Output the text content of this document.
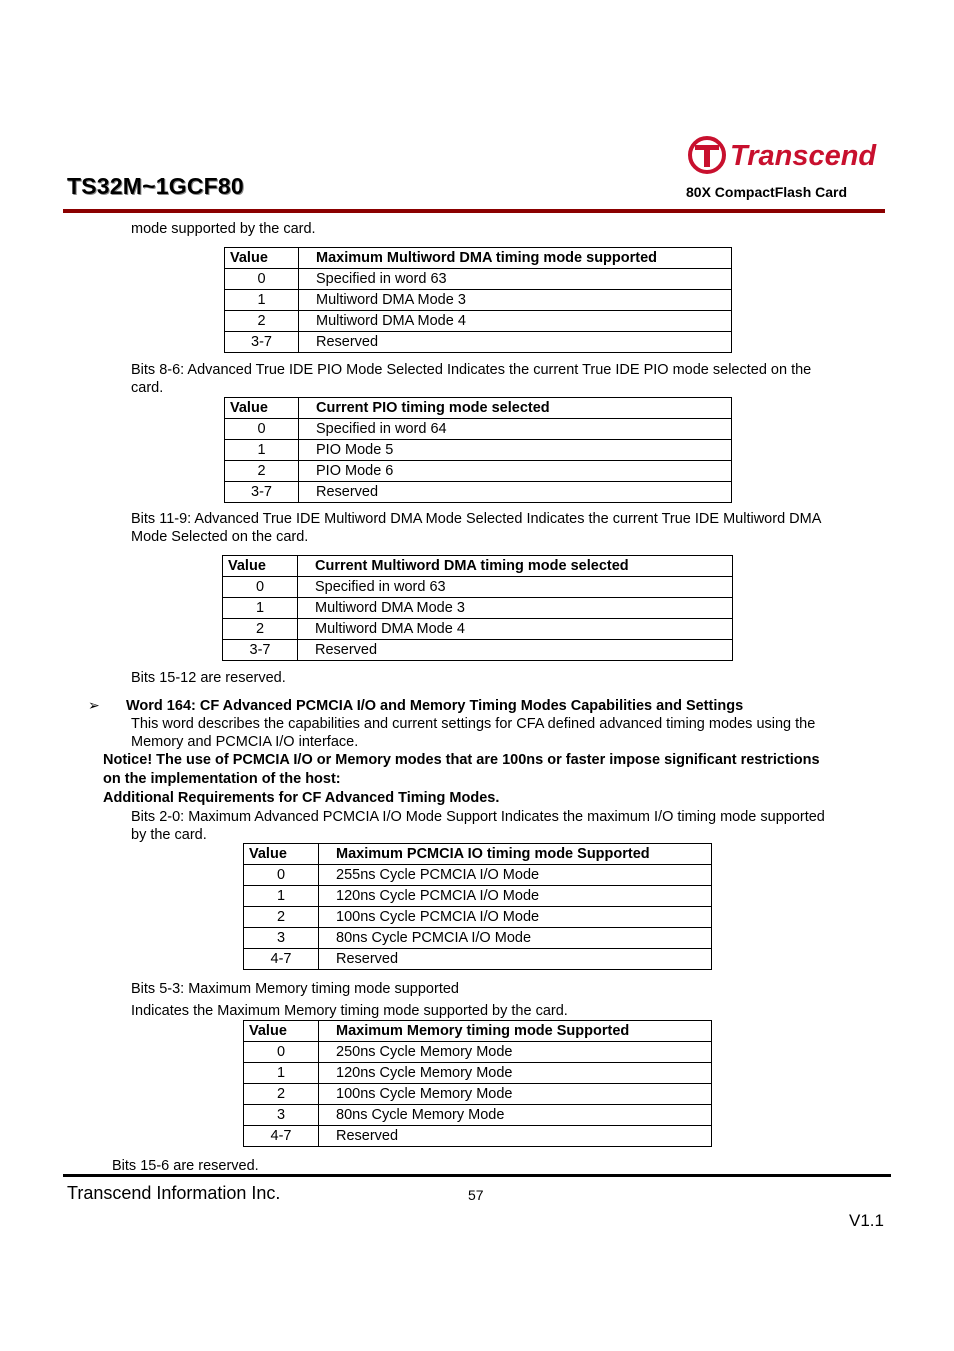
TS32M~1GCF80
Transcend
80X CompactFlash Card
mode supported by the card.
Value	Maximum Multiword DMA timing mode supported
0	Specified in word 63
1	Multiword DMA Mode 3
2	Multiword DMA Mode 4
3-7	Reserved
Bits 8-6: Advanced True IDE PIO Mode Selected Indicates the current True IDE PIO mode selected on the
card.
Value	Current PIO timing mode selected
0	Specified in word 64
1	PIO Mode 5
2	PIO Mode 6
3-7	Reserved
Bits 11-9: Advanced True IDE Multiword DMA Mode Selected Indicates the current True IDE Multiword DMA
Mode Selected on the card.
Value	Current Multiword DMA timing mode selected
0	Specified in word 63
1	Multiword DMA Mode 3
2	Multiword DMA Mode 4
3-7	Reserved
Bits 15-12 are reserved.
➢ Word 164: CF Advanced PCMCIA I/O and Memory Timing Modes Capabilities and Settings
This word describes the capabilities and current settings for CFA defined advanced timing modes using the
Memory and PCMCIA I/O interface.
Notice! The use of PCMCIA I/O or Memory modes that are 100ns or faster impose significant restrictions
on the implementation of the host:
Additional Requirements for CF Advanced Timing Modes.
Bits 2-0: Maximum Advanced PCMCIA I/O Mode Support Indicates the maximum I/O timing mode supported
by the card.
Value	Maximum PCMCIA IO timing mode Supported
0	255ns Cycle PCMCIA I/O Mode
1	120ns Cycle PCMCIA I/O Mode
2	100ns Cycle PCMCIA I/O Mode
3	80ns Cycle PCMCIA I/O Mode
4-7	Reserved
Bits 5-3: Maximum Memory timing mode supported
Indicates the Maximum Memory timing mode supported by the card.
Value	Maximum Memory timing mode Supported
0	250ns Cycle Memory Mode
1	120ns Cycle Memory Mode
2	100ns Cycle Memory Mode
3	80ns Cycle Memory Mode
4-7	Reserved
Bits 15-6 are reserved.
Transcend Information Inc.	57
V1.1
